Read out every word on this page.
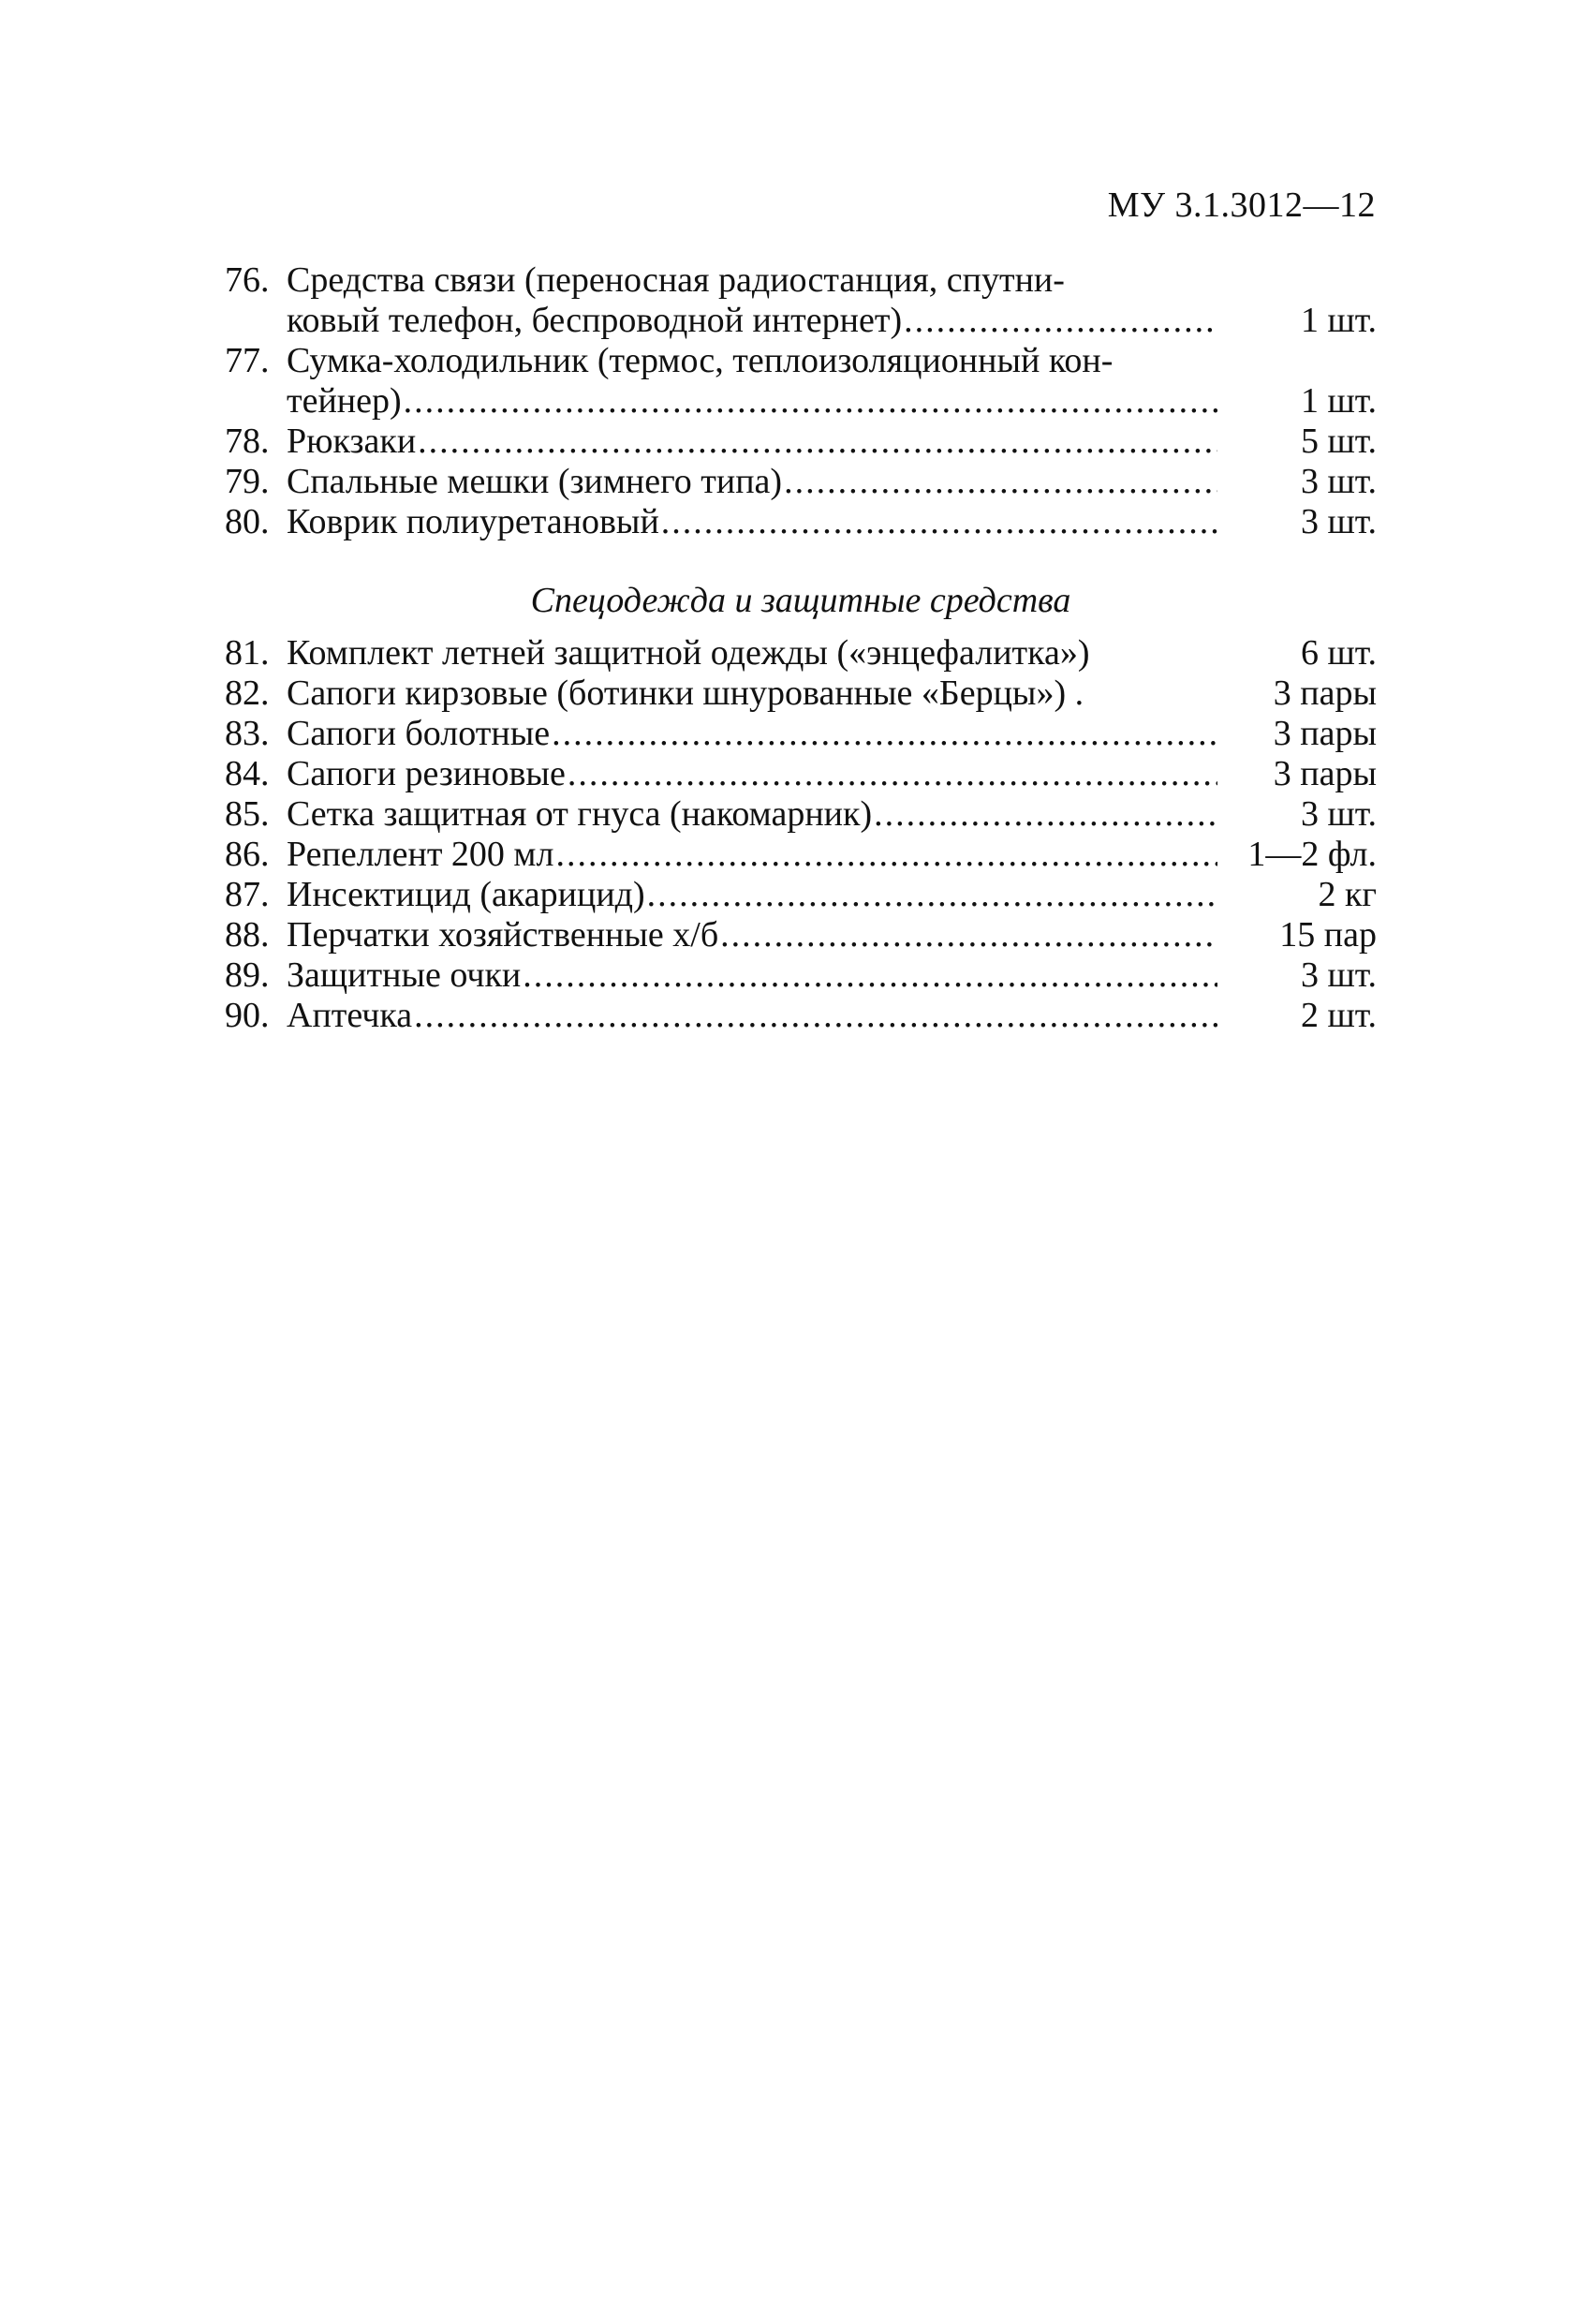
МУ 3.1.3012—12
76. Средства связи (переносная радиостанция, спутни-
ковый телефон, беспроводной интернет) .....	1 шт.
77. Сумка-холодильник (термос, теплоизоляционный кон-
тейнер) .....	1 шт.
78. Рюкзаки .....	5 шт.
79. Спальные мешки (зимнего типа) .....	3 шт.
80. Коврик полиуретановый .....	3 шт.
Спецодежда и защитные средства
81. Комплект летней защитной одежды («энцефалитка»)	6 шт.
82. Сапоги кирзовые (ботинки шнурованные «Берцы») .	3 пары
83. Сапоги болотные .....	3 пары
84. Сапоги резиновые .....	3 пары
85. Сетка защитная от гнуса (накомарник) .....	3 шт.
86. Репеллент 200 мл .....	1—2 фл.
87. Инсектицид (акарицид) .....	2 кг
88. Перчатки хозяйственные х/б .....	15 пар
89. Защитные очки .....	3 шт.
90. Аптечка .....	2 шт.
